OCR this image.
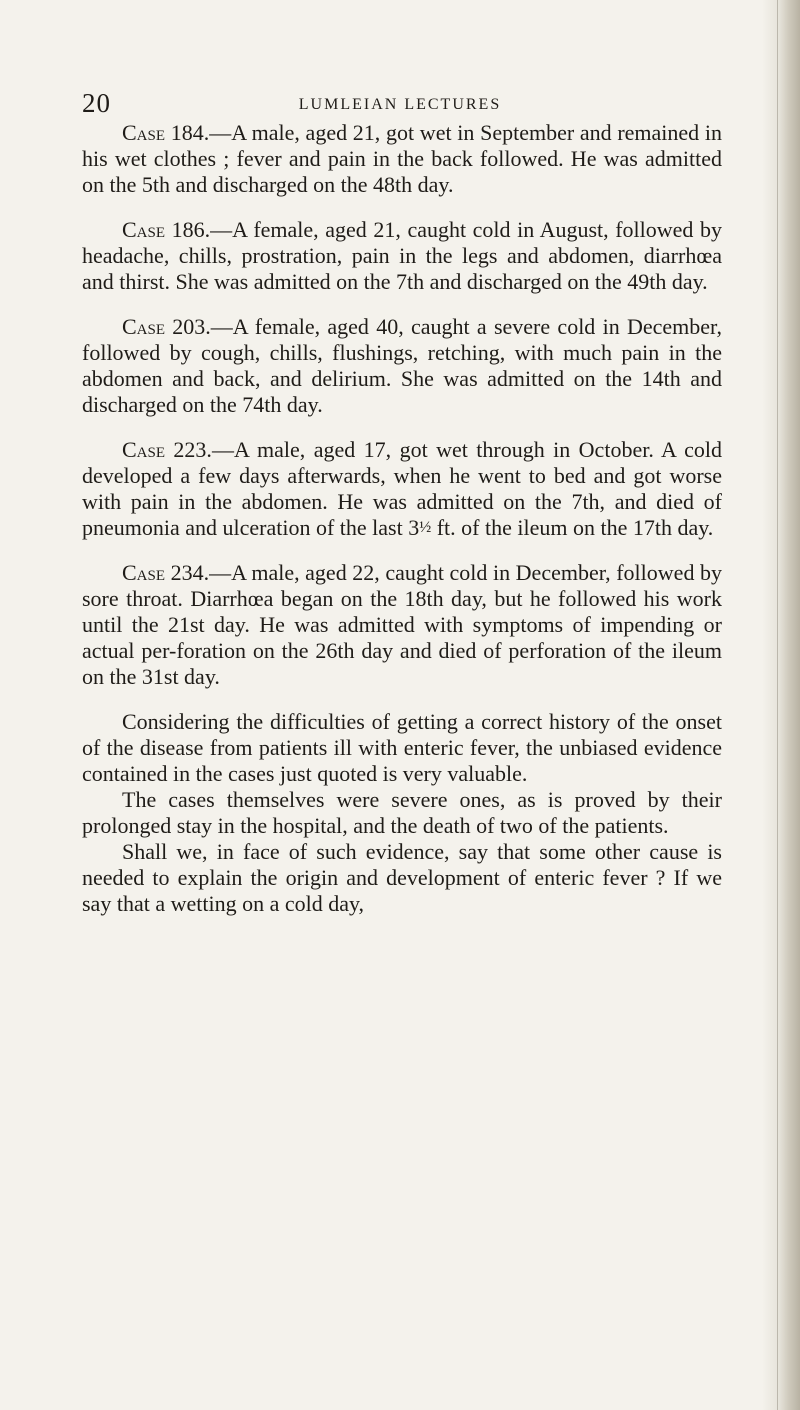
20	LUMLEIAN LECTURES

Case 184.—A male, aged 21, got wet in September and remained in his wet clothes ; fever and pain in the back followed. He was admitted on the 5th and discharged on the 48th day.

Case 186.—A female, aged 21, caught cold in August, followed by headache, chills, prostration, pain in the legs and abdomen, diarrhœa and thirst. She was admitted on the 7th and discharged on the 49th day.

Case 203.—A female, aged 40, caught a severe cold in December, followed by cough, chills, flushings, retching, with much pain in the abdomen and back, and delirium. She was admitted on the 14th and discharged on the 74th day.

Case 223.—A male, aged 17, got wet through in October. A cold developed a few days afterwards, when he went to bed and got worse with pain in the abdomen. He was admitted on the 7th, and died of pneumonia and ulceration of the last 3½ ft. of the ileum on the 17th day.

Case 234.—A male, aged 22, caught cold in December, followed by sore throat. Diarrhœa began on the 18th day, but he followed his work until the 21st day. He was admitted with symptoms of impending or actual per-foration on the 26th day and died of perforation of the ileum on the 31st day.

Considering the difficulties of getting a correct history of the onset of the disease from patients ill with enteric fever, the unbiased evidence contained in the cases just quoted is very valuable.

The cases themselves were severe ones, as is proved by their prolonged stay in the hospital, and the death of two of the patients.

Shall we, in face of such evidence, say that some other cause is needed to explain the origin and development of enteric fever ? If we say that a wetting on a cold day,
